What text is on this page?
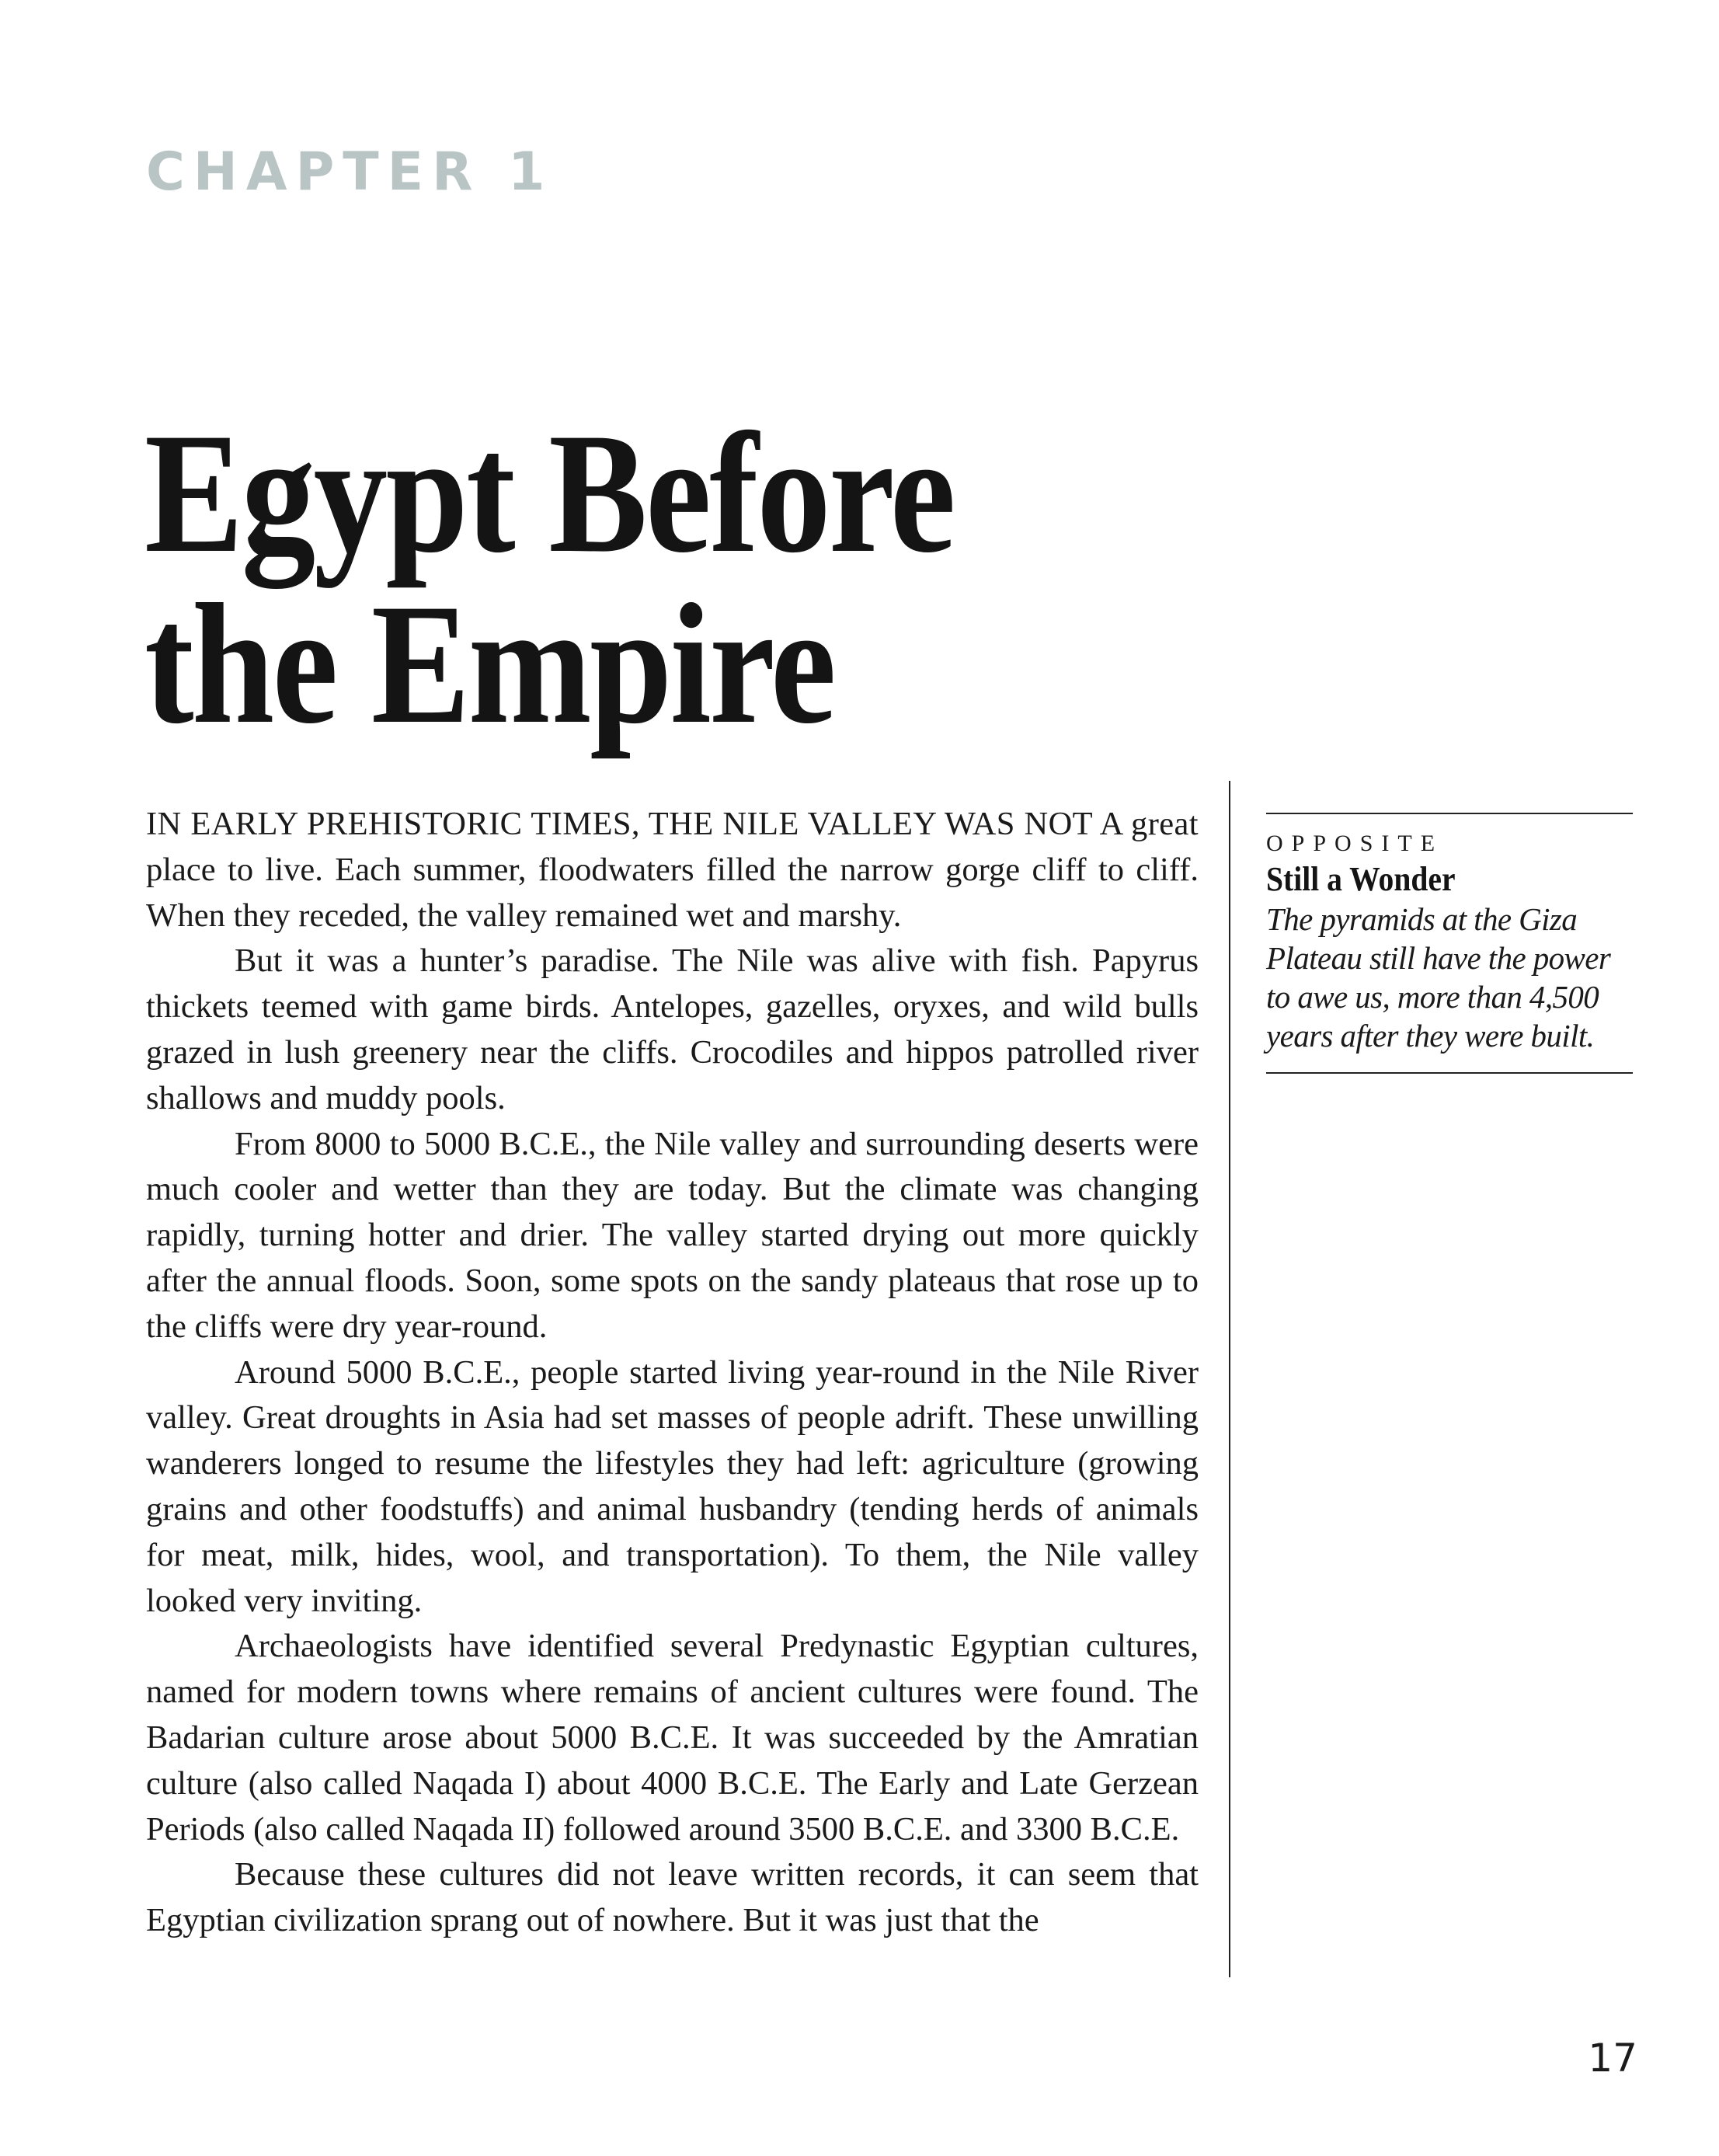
CHAPTER 1
Egypt Before
the Empire

IN EARLY PREHISTORIC TIMES, THE NILE VALLEY WAS NOT A great place to live. Each summer, floodwaters filled the narrow gorge cliff to cliff. When they receded, the valley remained wet and marshy.

But it was a hunter’s paradise. The Nile was alive with fish. Papyrus thickets teemed with game birds. Antelopes, gazelles, oryxes, and wild bulls grazed in lush greenery near the cliffs. Crocodiles and hippos patrolled river shallows and muddy pools.

From 8000 to 5000 B.C.E., the Nile valley and surrounding deserts were much cooler and wetter than they are today. But the climate was changing rapidly, turning hotter and drier. The valley started drying out more quickly after the annual floods. Soon, some spots on the sandy plateaus that rose up to the cliffs were dry year-round.

Around 5000 B.C.E., people started living year-round in the Nile River valley. Great droughts in Asia had set masses of people adrift. These unwilling wanderers longed to resume the lifestyles they had left: agriculture (growing grains and other foodstuffs) and animal husbandry (tending herds of animals for meat, milk, hides, wool, and transportation). To them, the Nile valley looked very inviting.

Archaeologists have identified several Predynastic Egyptian cultures, named for modern towns where remains of ancient cultures were found. The Badarian culture arose about 5000 B.C.E. It was succeeded by the Amratian culture (also called Naqada I) about 4000 B.C.E. The Early and Late Gerzean Periods (also called Naqada II) followed around 3500 B.C.E. and 3300 B.C.E.

Because these cultures did not leave written records, it can seem that Egyptian civilization sprang out of nowhere. But it was just that the

OPPOSITE
Still a Wonder
The pyramids at the Giza Plateau still have the power to awe us, more than 4,500 years after they were built.
17
